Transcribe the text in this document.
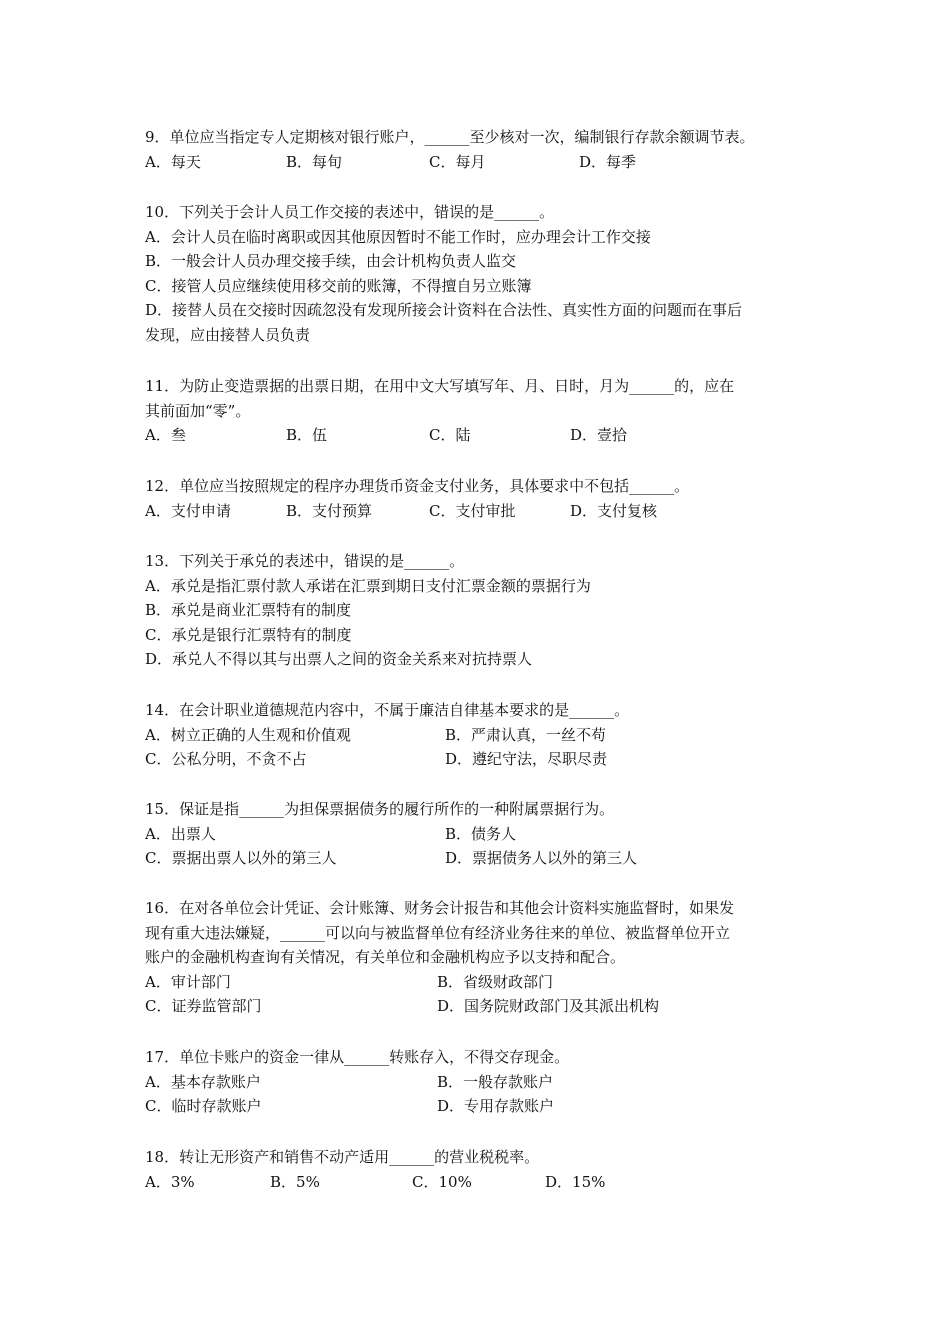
9．单位应当指定专人定期核对银行账户，______至少核对一次，编制银行存款余额调节表。
A．每天	B．每旬	C．每月	D．每季
10．下列关于会计人员工作交接的表述中，错误的是______。
A．会计人员在临时离职或因其他原因暂时不能工作时，应办理会计工作交接
B．一般会计人员办理交接手续，由会计机构负责人监交
C．接管人员应继续使用移交前的账簿，不得擅自另立账簿
D．接替人员在交接时因疏忽没有发现所接会计资料在合法性、真实性方面的问题而在事后
发现，应由接替人员负责
11．为防止变造票据的出票日期，在用中文大写填写年、月、日时，月为______的，应在
其前面加“零”。
A．叁	B．伍	C．陆	D．壹拾
12．单位应当按照规定的程序办理货币资金支付业务，具体要求中不包括______。
A．支付申请	B．支付预算	C．支付审批	D．支付复核
13．下列关于承兑的表述中，错误的是______。
A．承兑是指汇票付款人承诺在汇票到期日支付汇票金额的票据行为
B．承兑是商业汇票特有的制度
C．承兑是银行汇票特有的制度
D．承兑人不得以其与出票人之间的资金关系来对抗持票人
14．在会计职业道德规范内容中，不属于廉洁自律基本要求的是______。
A．树立正确的人生观和价值观	B．严肃认真，一丝不苟
C．公私分明，不贪不占	D．遵纪守法，尽职尽责
15．保证是指______为担保票据债务的履行所作的一种附属票据行为。
A．出票人	B．债务人
C．票据出票人以外的第三人	D．票据债务人以外的第三人
16．在对各单位会计凭证、会计账簿、财务会计报告和其他会计资料实施监督时，如果发
现有重大违法嫌疑，______可以向与被监督单位有经济业务往来的单位、被监督单位开立
账户的金融机构查询有关情况，有关单位和金融机构应予以支持和配合。
A．审计部门	B．省级财政部门
C．证券监管部门	D．国务院财政部门及其派出机构
17．单位卡账户的资金一律从______转账存入，不得交存现金。
A．基本存款账户	B．一般存款账户
C．临时存款账户	D．专用存款账户
18．转让无形资产和销售不动产适用______的营业税税率。
A．3%	B．5%	C．10%	D．15%
